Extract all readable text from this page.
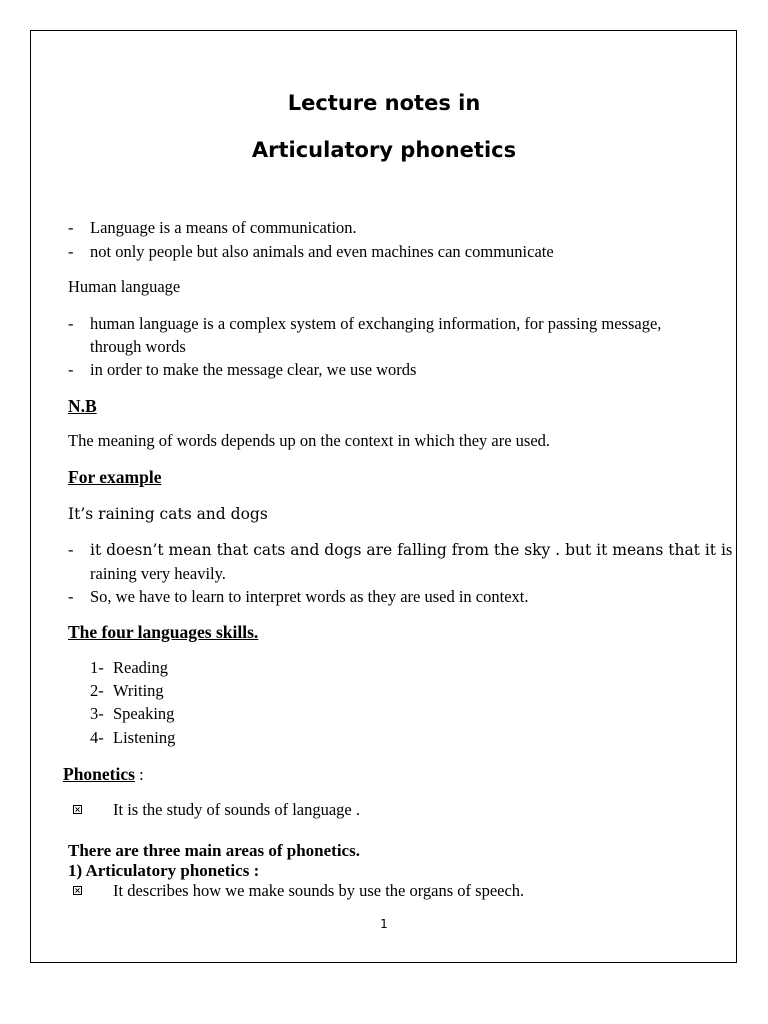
Lecture notes in
Articulatory phonetics
- Language is a means of communication.
- not only people but also animals and even machines can communicate
Human language
- human language is a complex system of exchanging information, for passing message,
through words
- in order to make the message clear, we use words
N.B
The meaning of words depends up on the context in which they are used.
For example
It’s raining cats and dogs
- it doesn’t mean that cats and dogs are falling from the sky . but it means that it is
raining very heavily.
- So, we have to learn to interpret words as they are used in context.
The four languages skills.
1- Reading
2- Writing
3- Speaking
4- Listening
Phonetics :
× It is the study of sounds of language .
There are three main areas of phonetics.
1) Articulatory phonetics :
× It describes how we make sounds by use the organs of speech.
1
